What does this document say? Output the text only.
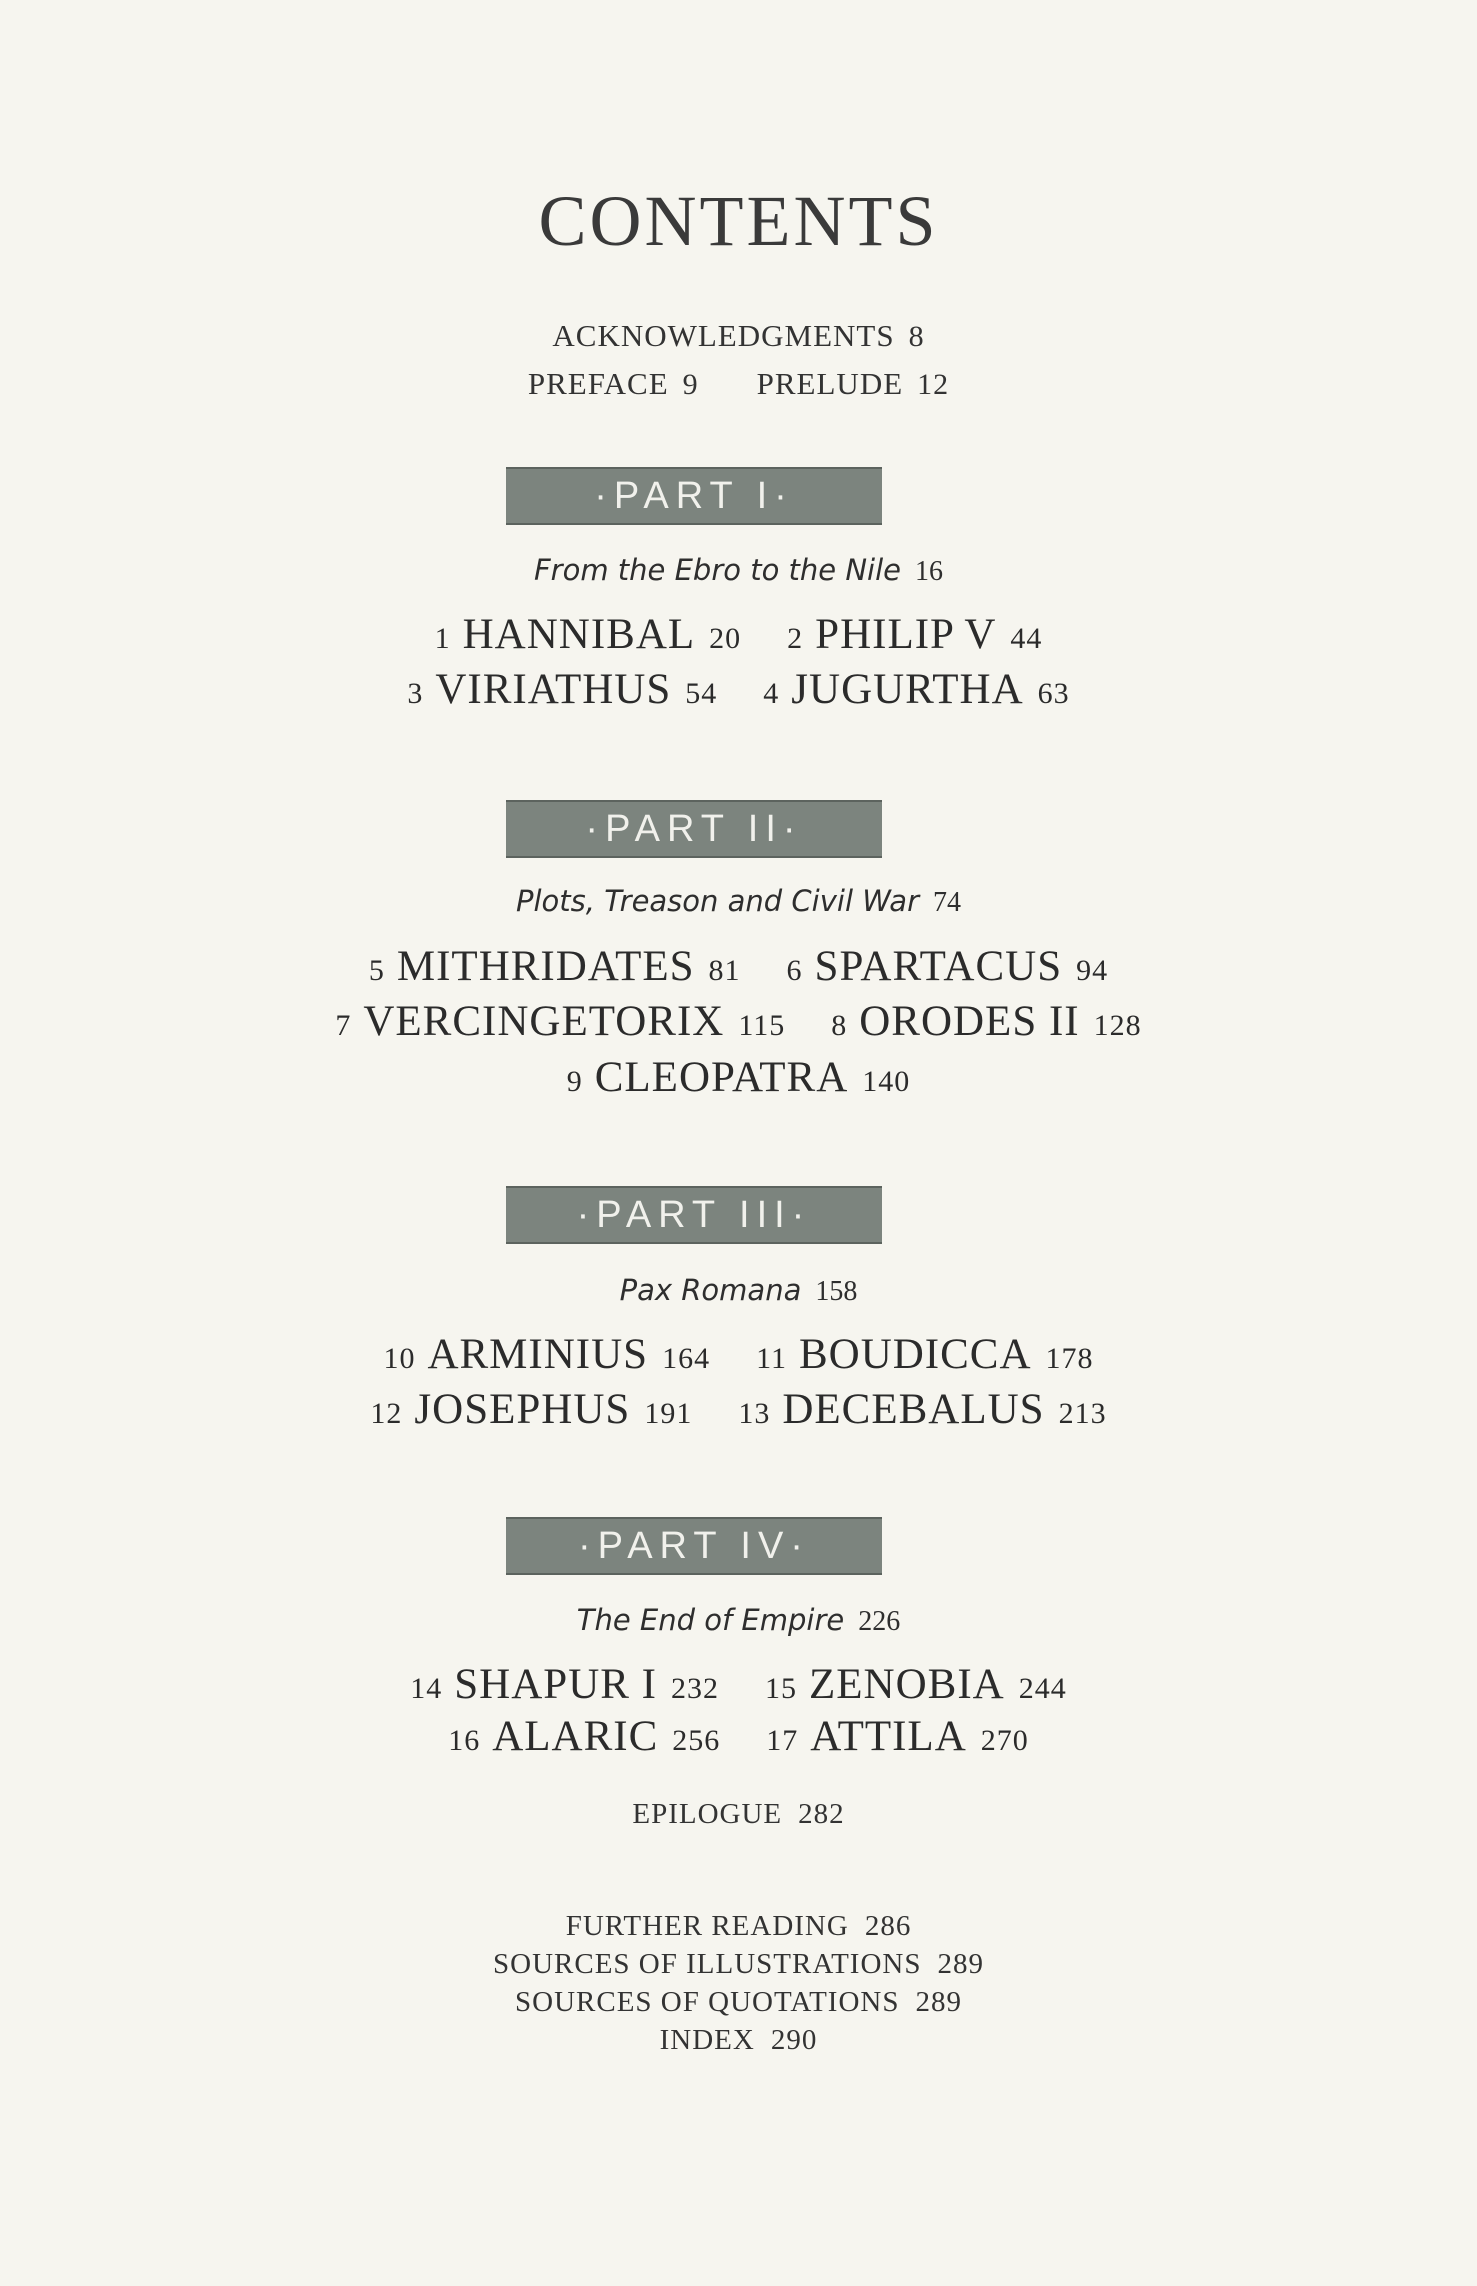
CONTENTS
ACKNOWLEDGMENTS 8
PREFACE 9 PRELUDE 12
·PART I·
From the Ebro to the Nile 16
1 HANNIBAL 20 2 PHILIP V 44
3 VIRIATHUS 54 4 JUGURTHA 63
·PART II·
Plots, Treason and Civil War 74
5 MITHRIDATES 81 6 SPARTACUS 94
7 VERCINGETORIX 115 8 ORODES II 128
9 CLEOPATRA 140
·PART III·
Pax Romana 158
10 ARMINIUS 164 11 BOUDICCA 178
12 JOSEPHUS 191 13 DECEBALUS 213
·PART IV·
The End of Empire 226
14 SHAPUR I 232 15 ZENOBIA 244
16 ALARIC 256 17 ATTILA 270
EPILOGUE 282
FURTHER READING 286
SOURCES OF ILLUSTRATIONS 289
SOURCES OF QUOTATIONS 289
INDEX 290
